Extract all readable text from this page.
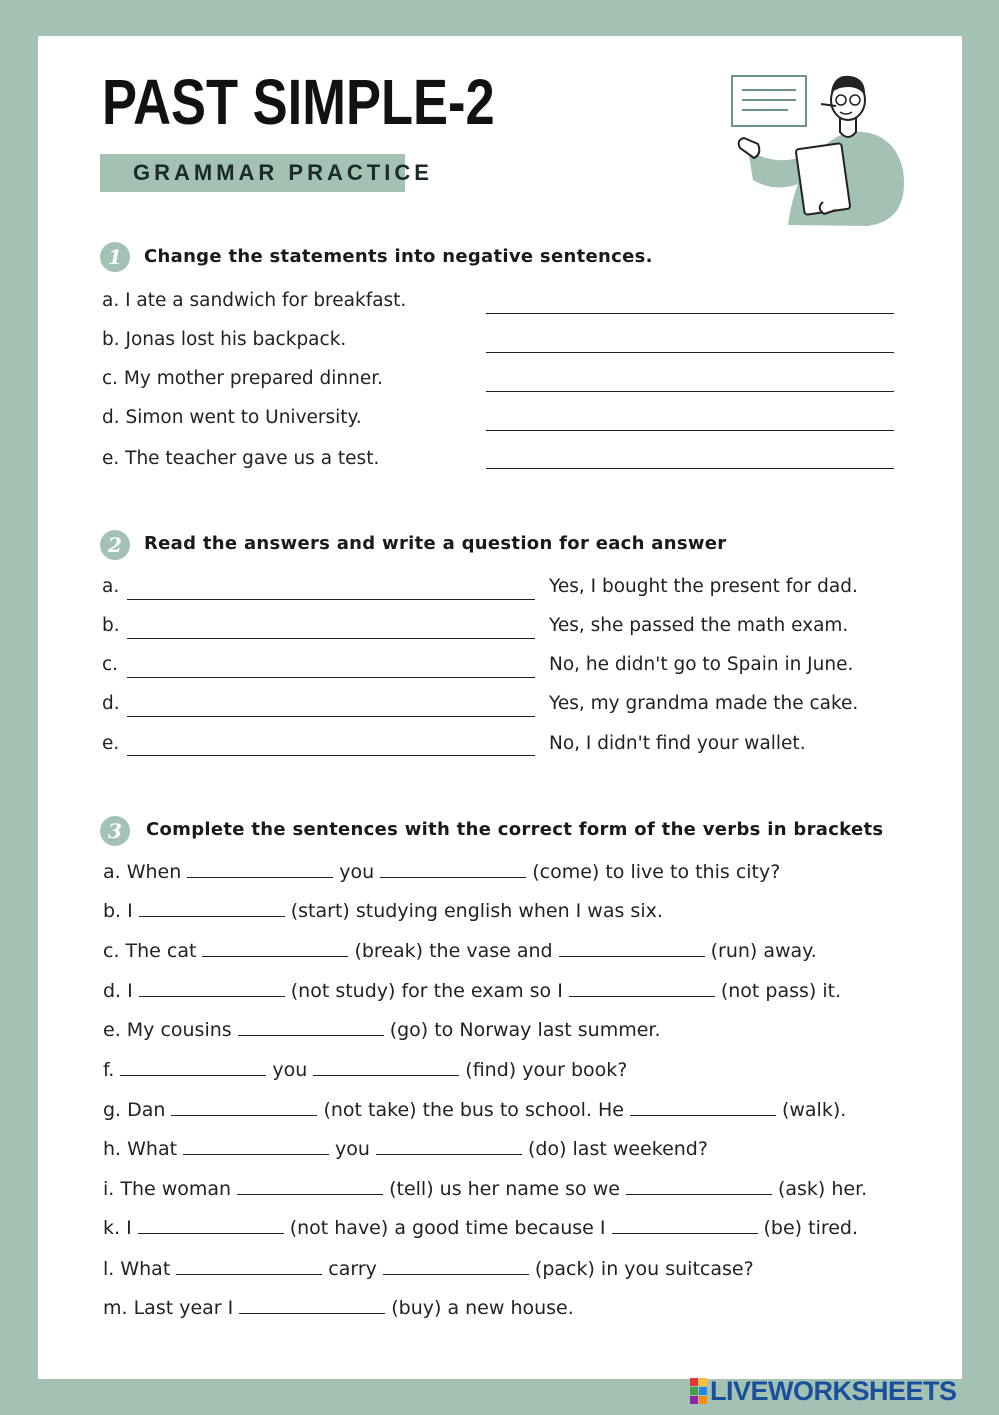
PAST SIMPLE-2
GRAMMAR PRACTICE
1	Change the statements into negative sentences.
a. I ate a sandwich for breakfast.
b. Jonas lost his backpack.
c. My mother prepared dinner.
d. Simon went to University.
e. The teacher gave us a test.
2	Read the answers and write a question for each answer
a.	Yes, I bought the present for dad.
b.	Yes, she passed the math exam.
c.	No, he didn't go to Spain in June.
d.	Yes, my grandma made the cake.
e.	No, I didn't find your wallet.
3	Complete the sentences with the correct form of the verbs in brackets
a. When	you	(come) to live to this city?
b. I	(start) studying english when I was six.
c. The cat	(break) the vase and	(run) away.
d. I	(not study) for the exam so I	(not pass) it.
e. My cousins	(go) to Norway last summer.
f.	you	(find) your book?
g. Dan	(not take) the bus to school. He	(walk).
h. What	you	(do) last weekend?
i. The woman	(tell) us her name so we	(ask) her.
k. I	(not have) a good time because I	(be) tired.
l. What	carry	(pack) in you suitcase?
m. Last year I	(buy) a new house.
LIVEWORKSHEETS
